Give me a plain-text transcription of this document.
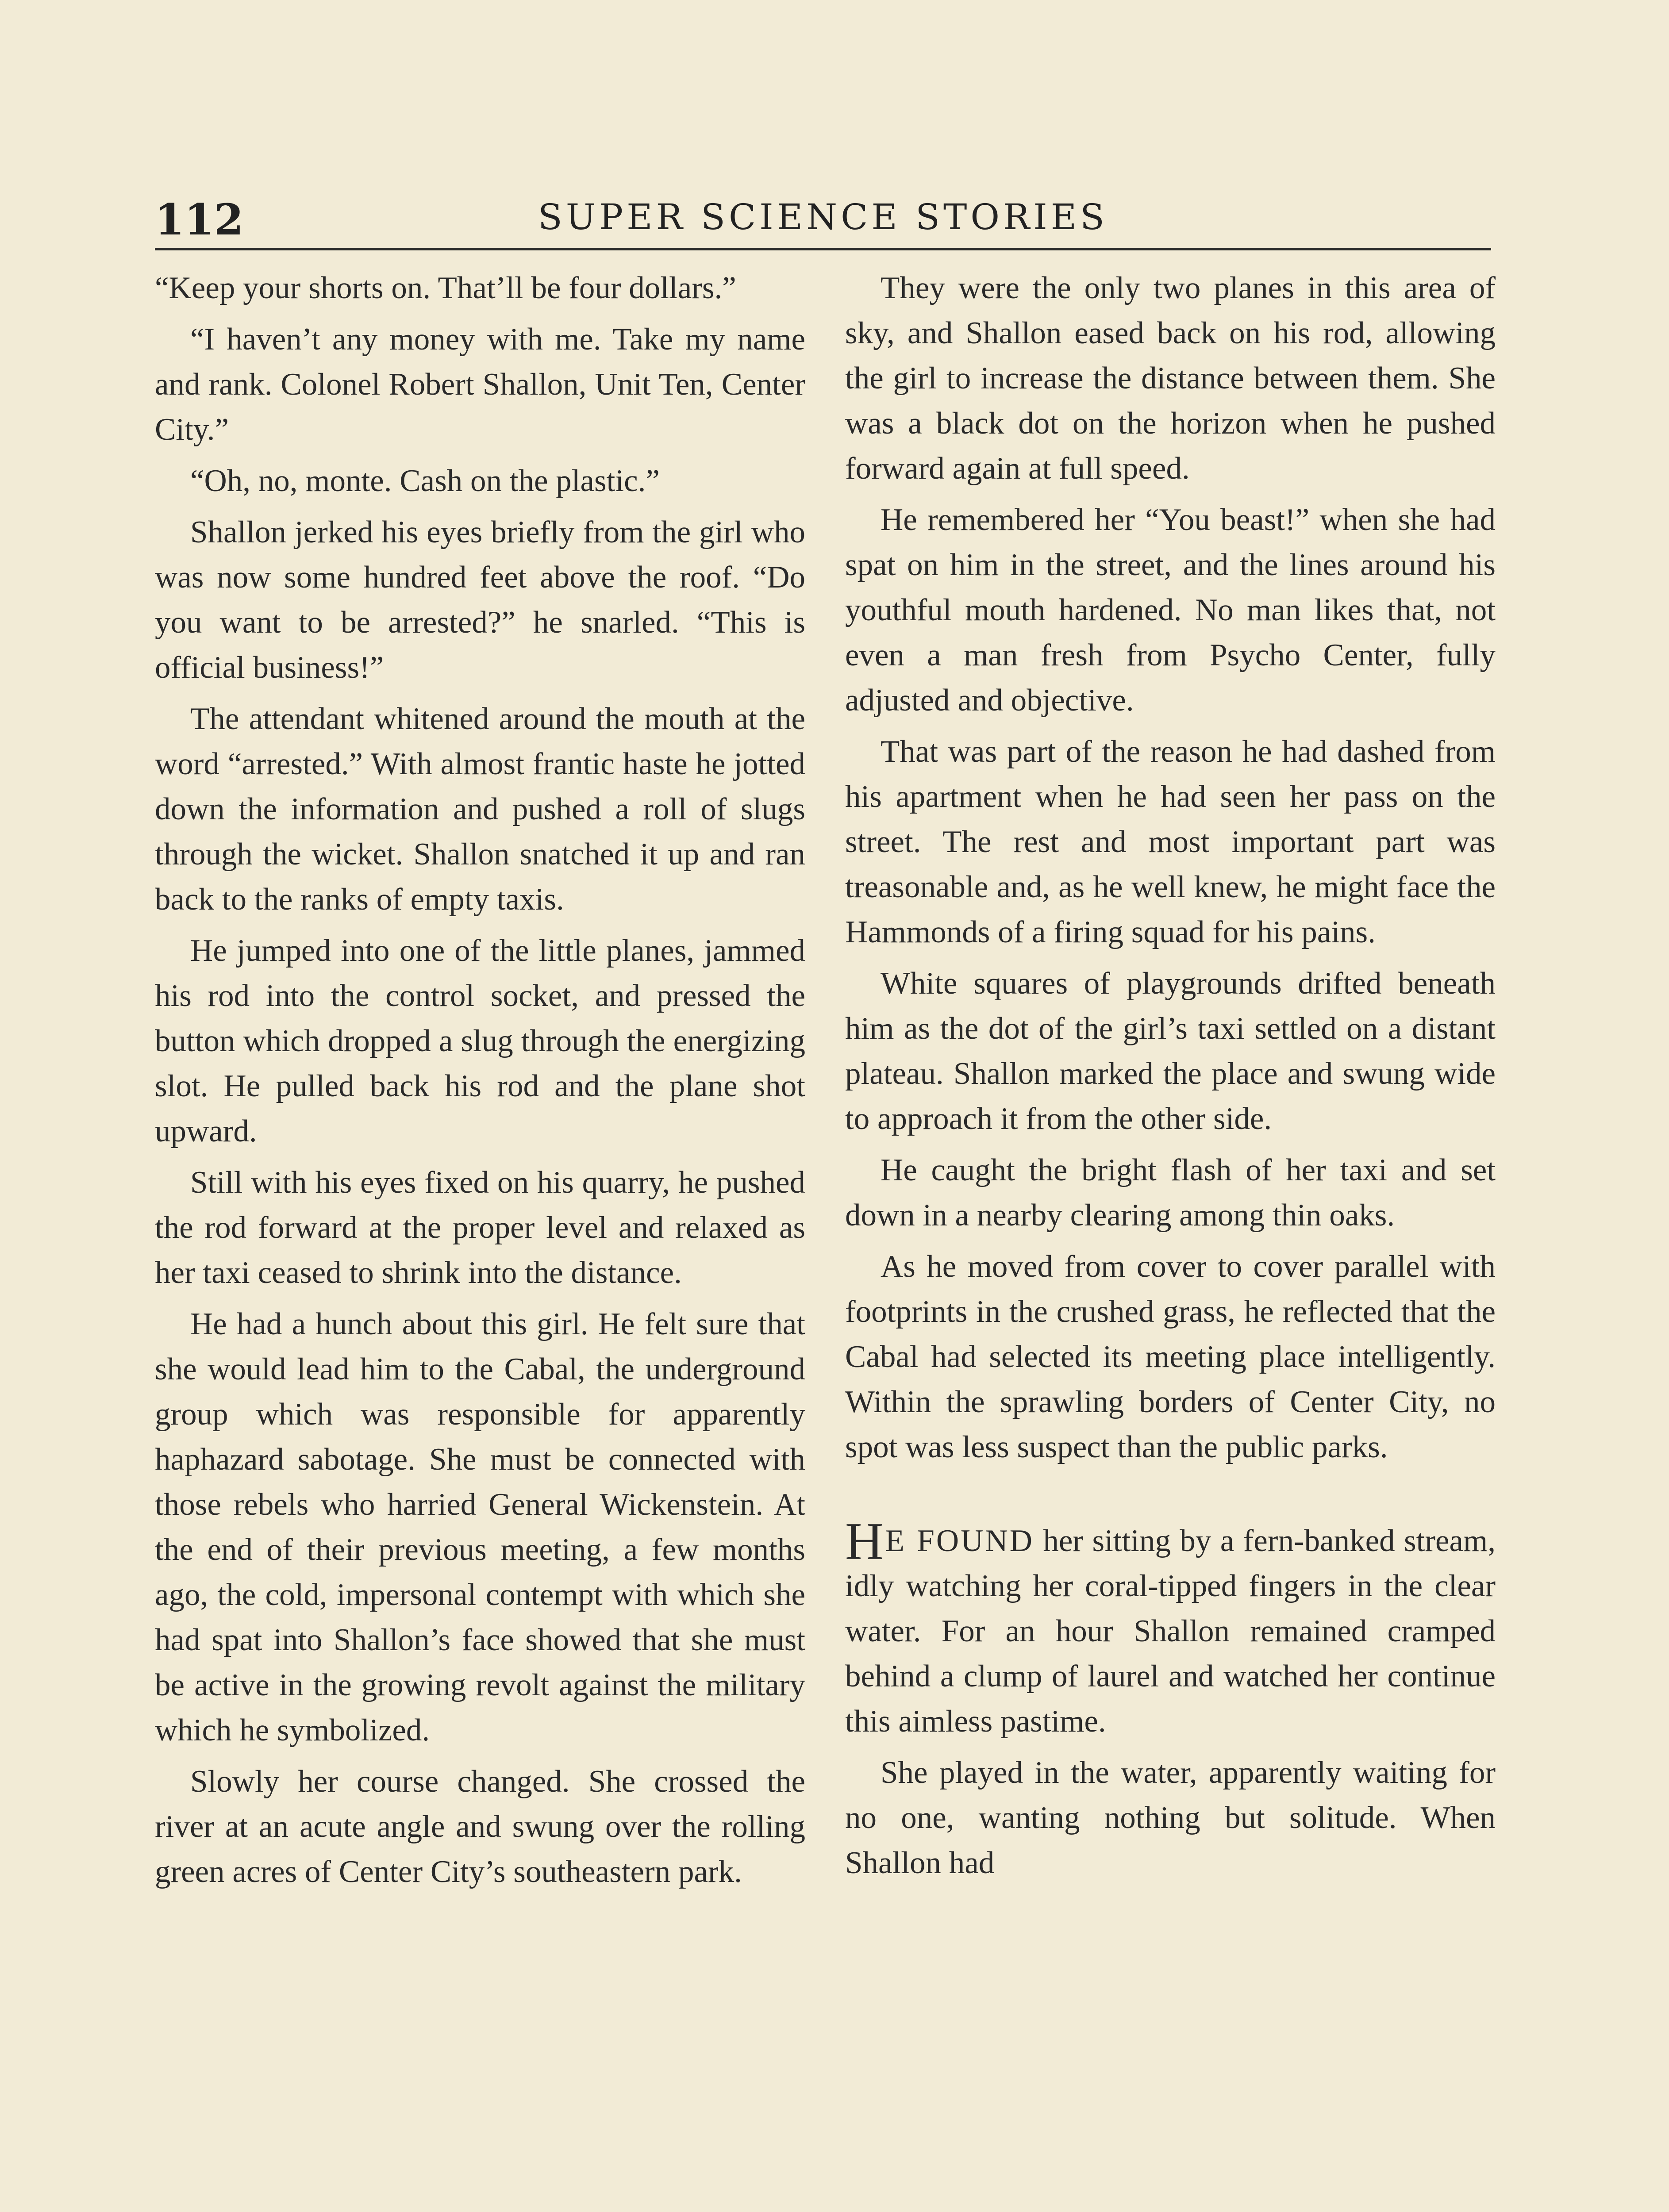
112	SUPER SCIENCE STORIES

“Keep your shorts on. That’ll be four dollars.”

“I haven’t any money with me. Take my name and rank. Colonel Robert Shallon, Unit Ten, Center City.”

“Oh, no, monte. Cash on the plastic.”

Shallon jerked his eyes briefly from the girl who was now some hundred feet above the roof. “Do you want to be arrested?” he snarled. “This is official business!”

The attendant whitened around the mouth at the word “arrested.” With almost frantic haste he jotted down the information and pushed a roll of slugs through the wicket. Shallon snatched it up and ran back to the ranks of empty taxis.

He jumped into one of the little planes, jammed his rod into the control socket, and pressed the button which dropped a slug through the energizing slot. He pulled back his rod and the plane shot upward.

Still with his eyes fixed on his quarry, he pushed the rod forward at the proper level and relaxed as her taxi ceased to shrink into the distance.

He had a hunch about this girl. He felt sure that she would lead him to the Cabal, the underground group which was responsible for apparently haphazard sabotage. She must be connected with those rebels who harried General Wickenstein. At the end of their previous meeting, a few months ago, the cold, impersonal contempt with which she had spat into Shallon’s face showed that she must be active in the growing revolt against the military which he symbolized.

Slowly her course changed. She crossed the river at an acute angle and swung over the rolling green acres of Center City’s southeastern park.

They were the only two planes in this area of sky, and Shallon eased back on his rod, allowing the girl to increase the distance between them. She was a black dot on the horizon when he pushed forward again at full speed.

He remembered her “You beast!” when she had spat on him in the street, and the lines around his youthful mouth hardened. No man likes that, not even a man fresh from Psycho Center, fully adjusted and objective.

That was part of the reason he had dashed from his apartment when he had seen her pass on the street. The rest and most important part was treasonable and, as he well knew, he might face the Hammonds of a firing squad for his pains.

White squares of playgrounds drifted beneath him as the dot of the girl’s taxi settled on a distant plateau. Shallon marked the place and swung wide to approach it from the other side.

He caught the bright flash of her taxi and set down in a nearby clearing among thin oaks.

As he moved from cover to cover parallel with footprints in the crushed grass, he reflected that the Cabal had selected its meeting place intelligently. Within the sprawling borders of Center City, no spot was less suspect than the public parks.

HE FOUND her sitting by a fern-banked stream, idly watching her coral-tipped fingers in the clear water. For an hour Shallon remained cramped behind a clump of laurel and watched her continue this aimless pastime.

She played in the water, apparently waiting for no one, wanting nothing but solitude. When Shallon had
